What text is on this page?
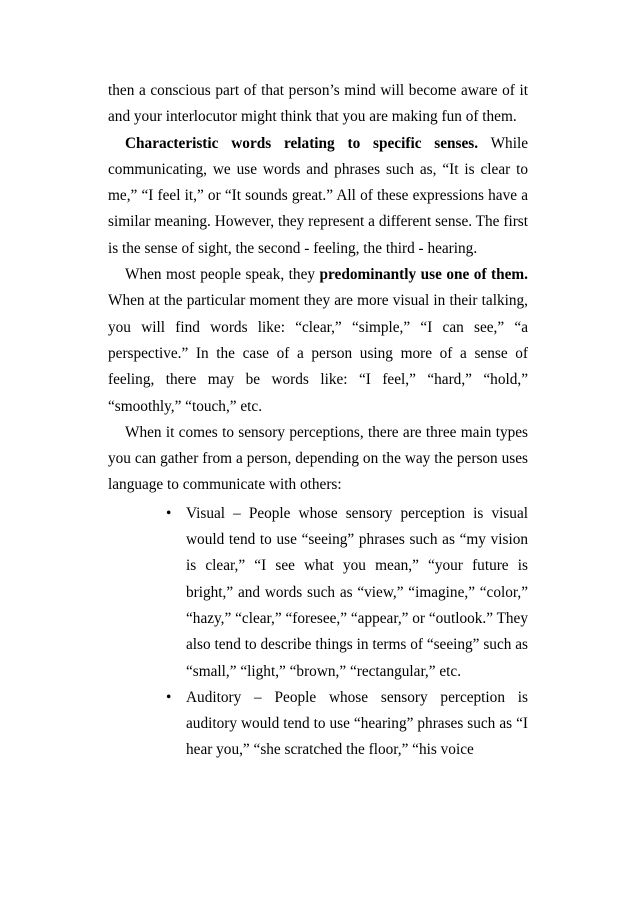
then a conscious part of that person’s mind will become aware of it and your interlocutor might think that you are making fun of them.

Characteristic words relating to specific senses. While communicating, we use words and phrases such as, “It is clear to me,” “I feel it,” or “It sounds great.” All of these expressions have a similar meaning. However, they represent a different sense. The first is the sense of sight, the second - feeling, the third - hearing.

When most people speak, they predominantly use one of them. When at the particular moment they are more visual in their talking, you will find words like: “clear,” “simple,” “I can see,” “a perspective.” In the case of a person using more of a sense of feeling, there may be words like: “I feel,” “hard,” “hold,” “smoothly,” “touch,” etc.

When it comes to sensory perceptions, there are three main types you can gather from a person, depending on the way the person uses language to communicate with others:

• Visual – People whose sensory perception is visual would tend to use “seeing” phrases such as “my vision is clear,” “I see what you mean,” “your future is bright,” and words such as “view,” “imagine,” “color,” “hazy,” “clear,” “foresee,” “appear,” or “outlook.” They also tend to describe things in terms of “seeing” such as “small,” “light,” “brown,” “rectangular,” etc.
• Auditory – People whose sensory perception is auditory would tend to use “hearing” phrases such as “I hear you,” “she scratched the floor,” “his voice
